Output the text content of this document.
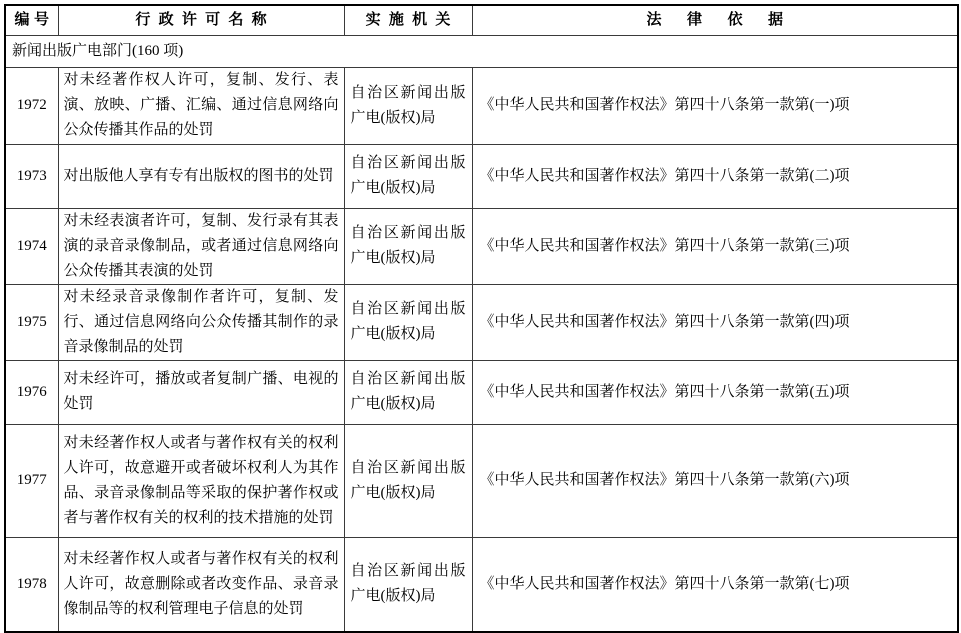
编号	行政许可名称	实施机关	法律依据
新闻出版广电部门(160 项)			
1972	对未经著作权人许可，复制、发行、表演、放映、广播、汇编、通过信息网络向公众传播其作品的处罚	自治区新闻出版广电(版权)局	《中华人民共和国著作权法》第四十八条第一款第(一)项
1973	对出版他人享有专有出版权的图书的处罚	自治区新闻出版广电(版权)局	《中华人民共和国著作权法》第四十八条第一款第(二)项
1974	对未经表演者许可，复制、发行录有其表演的录音录像制品，或者通过信息网络向公众传播其表演的处罚	自治区新闻出版广电(版权)局	《中华人民共和国著作权法》第四十八条第一款第(三)项
1975	对未经录音录像制作者许可，复制、发行、通过信息网络向公众传播其制作的录音录像制品的处罚	自治区新闻出版广电(版权)局	《中华人民共和国著作权法》第四十八条第一款第(四)项
1976	对未经许可，播放或者复制广播、电视的处罚	自治区新闻出版广电(版权)局	《中华人民共和国著作权法》第四十八条第一款第(五)项
1977	对未经著作权人或者与著作权有关的权利人许可，故意避开或者破坏权利人为其作品、录音录像制品等采取的保护著作权或者与著作权有关的权利的技术措施的处罚	自治区新闻出版广电(版权)局	《中华人民共和国著作权法》第四十八条第一款第(六)项
1978	对未经著作权人或者与著作权有关的权利人许可，故意删除或者改变作品、录音录像制品等的权利管理电子信息的处罚	自治区新闻出版广电(版权)局	《中华人民共和国著作权法》第四十八条第一款第(七)项
